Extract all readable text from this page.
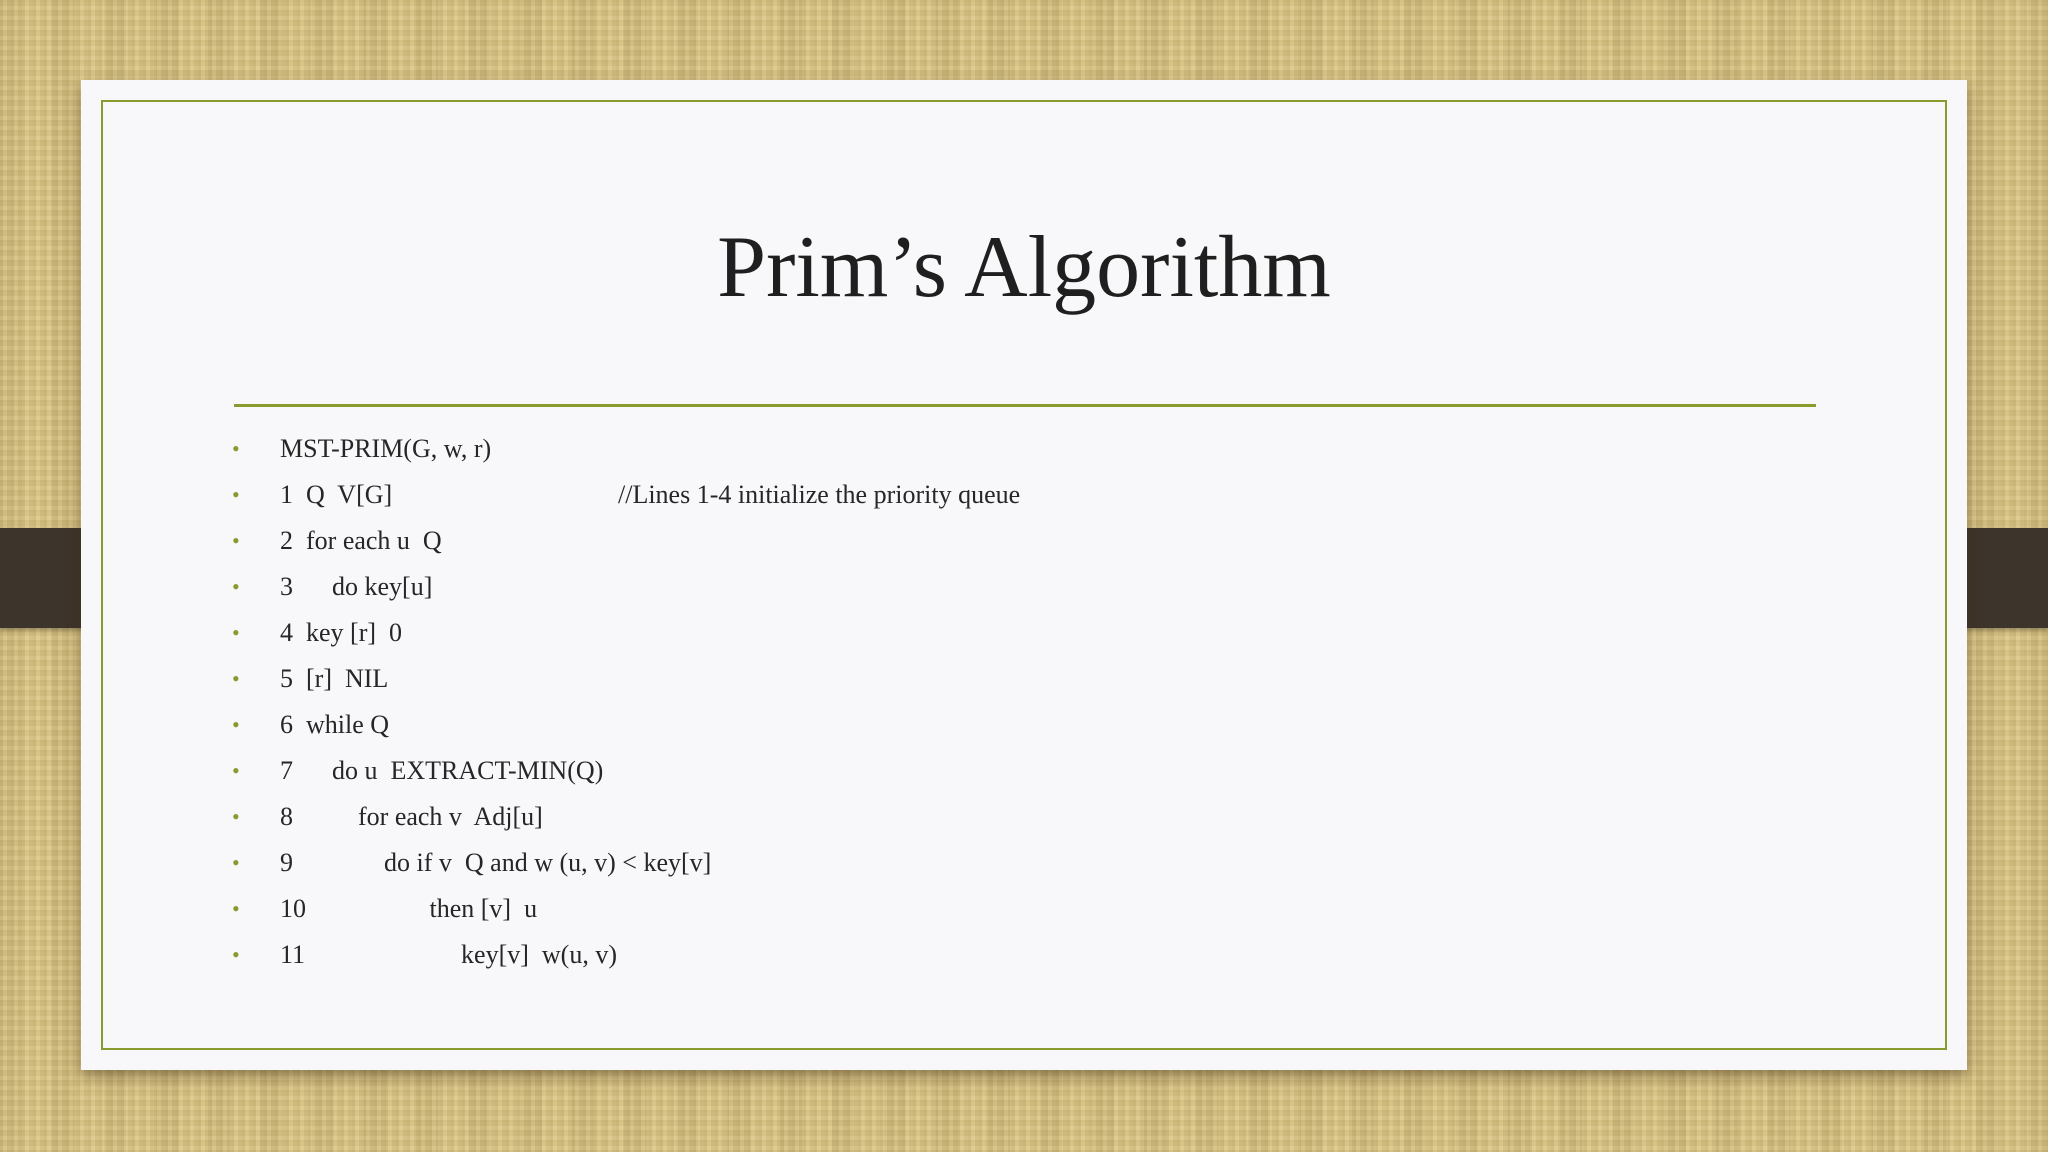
Prim’s Algorithm
• MST-PRIM(G, w, r)
• 1  Q  V[G]	//Lines 1-4 initialize the priority queue
• 2  for each u  Q
• 3      do key[u]
• 4  key [r]  0
• 5  [r]  NIL
• 6  while Q
• 7      do u  EXTRACT-MIN(Q)
• 8          for each v  Adj[u]
• 9              do if v  Q and w (u, v) < key[v]
• 10                   then [v]  u
• 11                        key[v]  w(u, v)
